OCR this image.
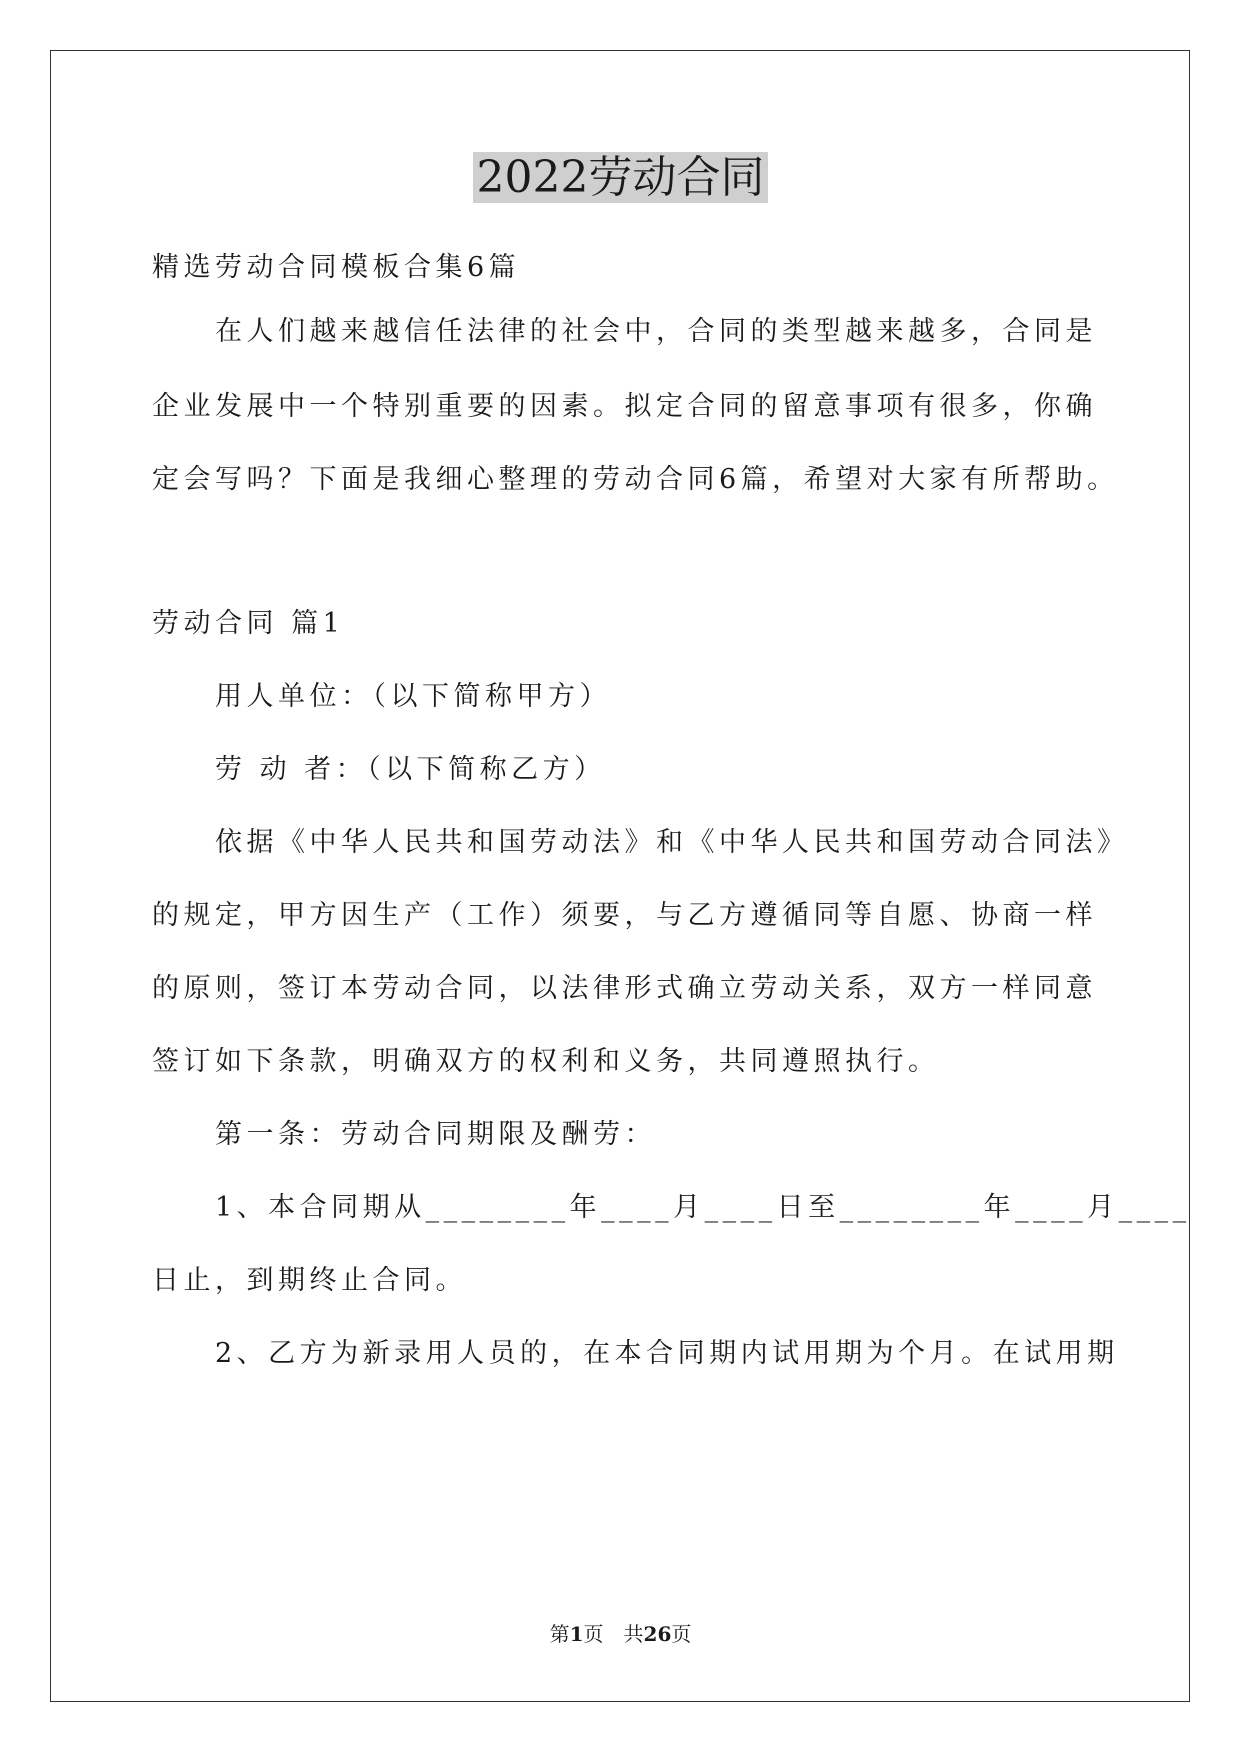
2022劳动合同
精选劳动合同模板合集6篇
在人们越来越信任法律的社会中，合同的类型越来越多，合同是
企业发展中一个特别重要的因素。拟定合同的留意事项有很多，你确
定会写吗？下面是我细心整理的劳动合同6篇，希望对大家有所帮助。
劳动合同 篇1
用人单位：（以下简称甲方）
劳 动 者：（以下简称乙方）
依据《中华人民共和国劳动法》和《中华人民共和国劳动合同法》
的规定，甲方因生产（工作）须要，与乙方遵循同等自愿、协商一样
的原则，签订本劳动合同，以法律形式确立劳动关系，双方一样同意
签订如下条款，明确双方的权利和义务，共同遵照执行。
第一条：劳动合同期限及酬劳：
1、本合同期从________年____月____日至________年____月____
日止，到期终止合同。
2、乙方为新录用人员的，在本合同期内试用期为个月。在试用期
第1页　共26页
